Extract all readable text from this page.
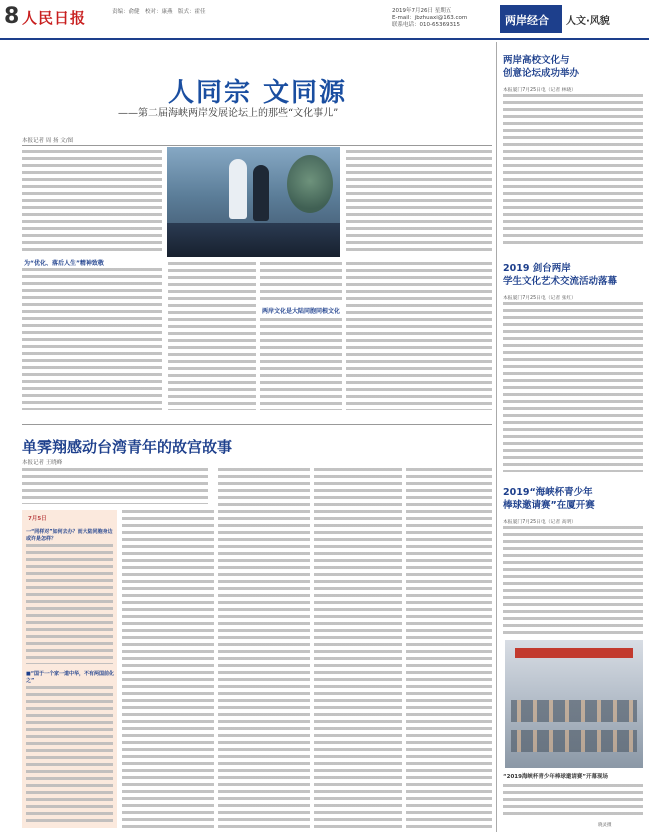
8 人民日报	责编：俞健　校对：康燕　版式：霍佳	2019年7月26日 星期五
E-mail：jbzhuaxi@163.com
联系电话：010-65369315	两岸经合	人文·风貌
人同宗 文同源
——第二届海峡两岸发展论坛上的那些“文化事儿”
本报记者 周 扬 文/图
为“优化、落后人生”精神致敬
两岸文化是大陆同胞同根文化
单霁翔感动台湾青年的故宫故事
本报记者 王晓峰
7月5日
一“同样对”如何去办？而大陆同胞身边或许是怎样？
■“国于一个家一道中华，不有两国前化之”
两岸高校文化与
创意论坛成功举办
本报厦门7月25日电（记者 林晓）
2019 剑台两岸
学生文化艺术交流活动落幕
本报厦门7月25日电（记者 张红）
2019“海峡杯青少年
棒球邀请赛”在厦开赛
本报厦门7月25日电（记者 高明）
“2019海峡杯青少年棒球邀请赛”开幕现场
晓灵摄
